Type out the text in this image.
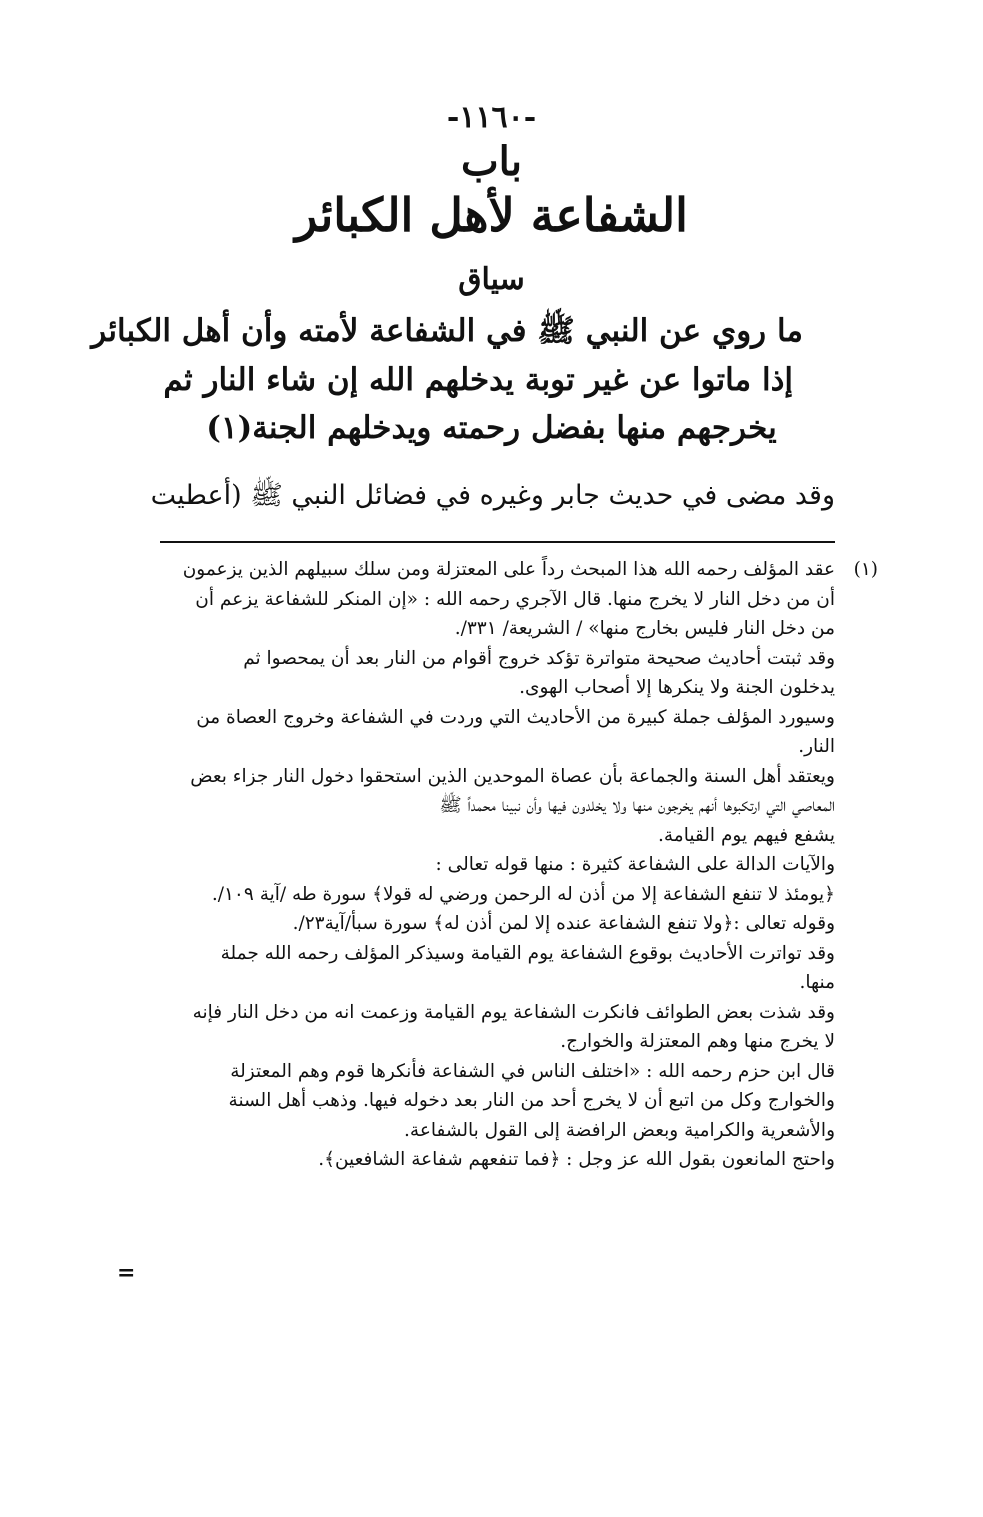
-١١٦٠-
باب
الشفاعة لأهل الكبائر
سياق
ما روي عن النبي ﷺ في الشفاعة لأمته وأن أهل الكبائر
إذا ماتوا عن غير توبة يدخلهم الله إن شاء النار ثم
يخرجهم منها بفضل رحمته ويدخلهم الجنة(١)
وقد مضى في حديث جابر وغيره في فضائل النبي ﷺ (أعطيت
(١)
عقد المؤلف رحمه الله هذا المبحث رداً على المعتزلة ومن سلك سبيلهم الذين يزعمون
أن من دخل النار لا يخرج منها. قال الآجري رحمه الله : «إن المنكر للشفاعة يزعم أن
من دخل النار فليس بخارج منها» / الشريعة/ ٣٣١/.
وقد ثبتت أحاديث صحيحة متواترة تؤكد خروج أقوام من النار بعد أن يمحصوا ثم
يدخلون الجنة ولا ينكرها إلا أصحاب الهوى.
وسيورد المؤلف جملة كبيرة من الأحاديث التي وردت في الشفاعة وخروج العصاة من
النار.
ويعتقد أهل السنة والجماعة بأن عصاة الموحدين الذين استحقوا دخول النار جزاء بعض
المعاصي التي ارتكبوها أنهم يخرجون منها ولا يخلدون فيها وأن نبينا محمداً ﷺ
يشفع فيهم يوم القيامة.
والآيات الدالة على الشفاعة كثيرة : منها قوله تعالى :
﴿يومئذ لا تنفع الشفاعة إلا من أذن له الرحمن ورضي له قولا﴾ سورة طه /آية ١٠٩/.
وقوله تعالى :﴿ولا تنفع الشفاعة عنده إلا لمن أذن له﴾ سورة سبأ/آية٢٣/.
وقد تواترت الأحاديث بوقوع الشفاعة يوم القيامة وسيذكر المؤلف رحمه الله جملة
منها.
وقد شذت بعض الطوائف فانكرت الشفاعة يوم القيامة وزعمت انه من دخل النار فإنه
لا يخرج منها وهم المعتزلة والخوارج.
قال ابن حزم رحمه الله : «اختلف الناس في الشفاعة فأنكرها قوم وهم المعتزلة
والخوارج وكل من اتبع أن لا يخرج أحد من النار بعد دخوله فيها. وذهب أهل السنة
والأشعرية والكرامية وبعض الرافضة إلى القول بالشفاعة.
واحتج المانعون بقول الله عز وجل : ﴿فما تنفعهم شفاعة الشافعين﴾.
=
